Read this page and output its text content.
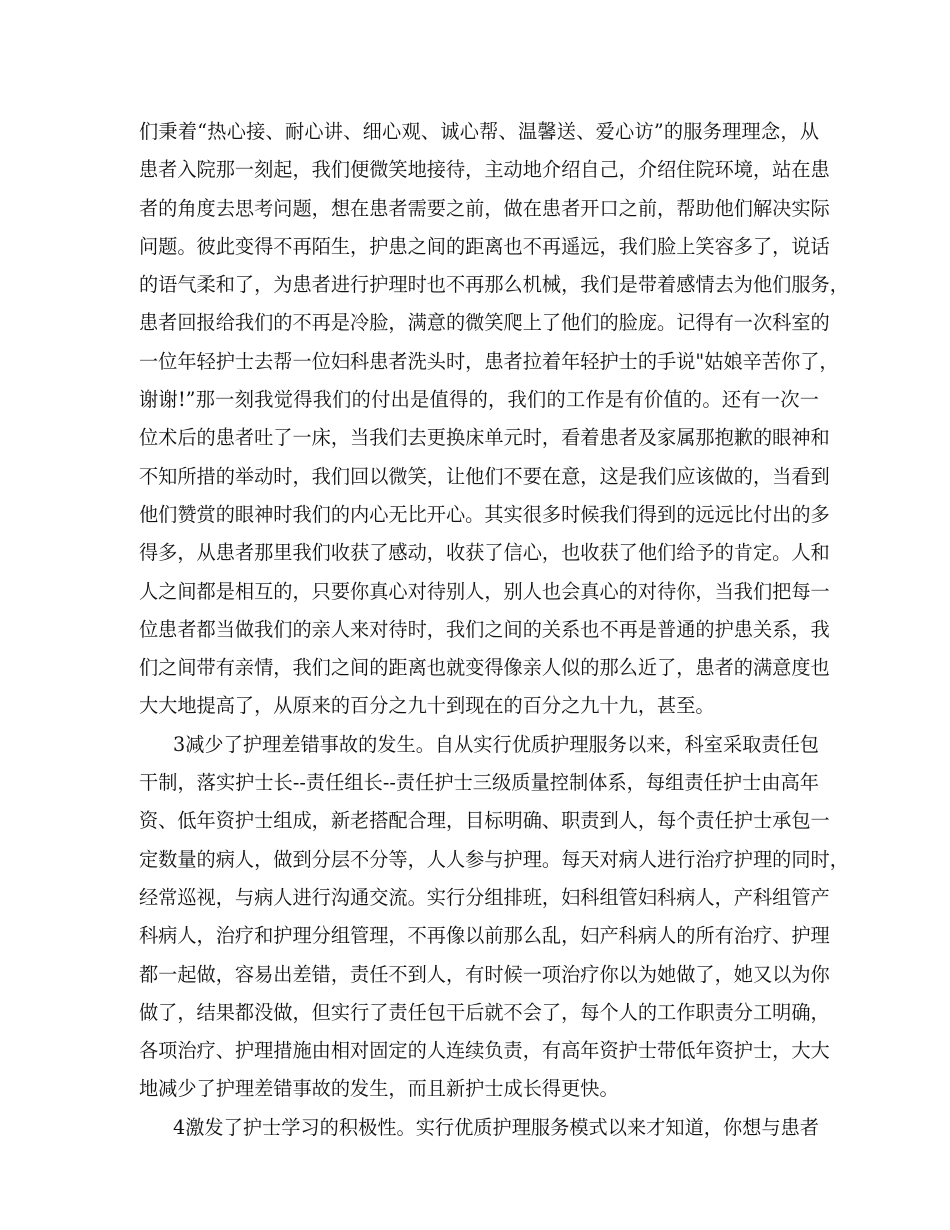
们秉着“热心接、耐心讲、细心观、诚心帮、温馨送、爱心访”的服务理理念，从
患者入院那一刻起，我们便微笑地接待，主动地介绍自己，介绍住院环境，站在患
者的角度去思考问题，想在患者需要之前，做在患者开口之前，帮助他们解决实际
问题。彼此变得不再陌生，护患之间的距离也不再遥远，我们脸上笑容多了，说话
的语气柔和了，为患者进行护理时也不再那么机械，我们是带着感情去为他们服务，
患者回报给我们的不再是冷脸，满意的微笑爬上了他们的脸庞。记得有一次科室的
一位年轻护士去帮一位妇科患者洗头时，患者拉着年轻护士的手说"姑娘辛苦你了，
谢谢!”那一刻我觉得我们的付出是值得的，我们的工作是有价值的。还有一次一
位术后的患者吐了一床，当我们去更换床单元时，看着患者及家属那抱歉的眼神和
不知所措的举动时，我们回以微笑，让他们不要在意，这是我们应该做的，当看到
他们赞赏的眼神时我们的内心无比开心。其实很多时候我们得到的远远比付出的多
得多，从患者那里我们收获了感动，收获了信心，也收获了他们给予的肯定。人和
人之间都是相互的，只要你真心对待别人，别人也会真心的对待你，当我们把每一
位患者都当做我们的亲人来对待时，我们之间的关系也不再是普通的护患关系，我
们之间带有亲情，我们之间的距离也就变得像亲人似的那么近了，患者的满意度也
大大地提高了，从原来的百分之九十到现在的百分之九十九，甚至。
3减少了护理差错事故的发生。自从实行优质护理服务以来，科室采取责任包
干制，落实护士长--责任组长--责任护士三级质量控制体系，每组责任护士由高年
资、低年资护士组成，新老搭配合理，目标明确、职责到人，每个责任护士承包一
定数量的病人，做到分层不分等，人人参与护理。每天对病人进行治疗护理的同时，
经常巡视，与病人进行沟通交流。实行分组排班，妇科组管妇科病人，产科组管产
科病人，治疗和护理分组管理，不再像以前那么乱，妇产科病人的所有治疗、护理
都一起做，容易出差错，责任不到人，有时候一项治疗你以为她做了，她又以为你
做了，结果都没做，但实行了责任包干后就不会了，每个人的工作职责分工明确，
各项治疗、护理措施由相对固定的人连续负责，有高年资护士带低年资护士，大大
地减少了护理差错事故的发生，而且新护士成长得更快。
4激发了护士学习的积极性。实行优质护理服务模式以来才知道，你想与患者
